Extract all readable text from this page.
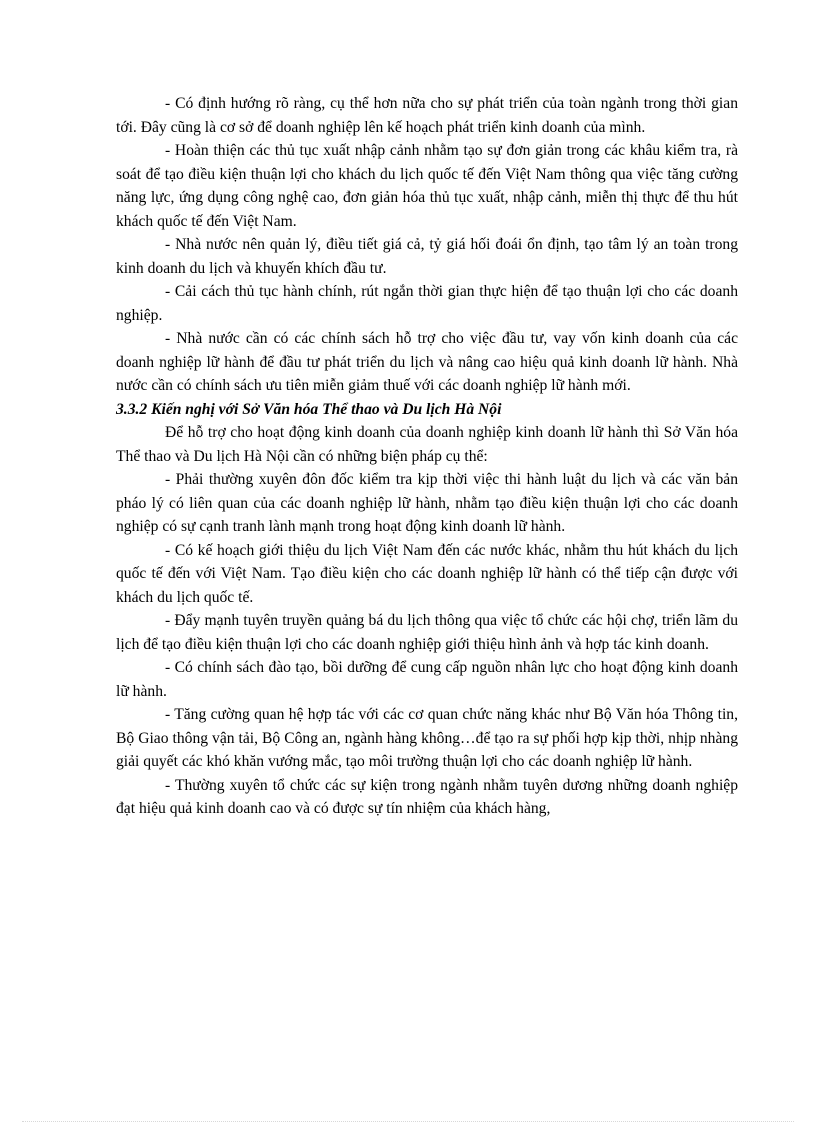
- Có định hướng rõ ràng, cụ thể hơn nữa cho sự phát triển của toàn ngành trong thời gian tới. Đây cũng là cơ sở để doanh nghiệp lên kế hoạch phát triển kinh doanh của mình.

- Hoàn thiện các thủ tục xuất nhập cảnh nhằm tạo sự đơn giản trong các khâu kiểm tra, rà soát để tạo điều kiện thuận lợi cho khách du lịch quốc tế đến Việt Nam thông qua việc tăng cường năng lực, ứng dụng công nghệ cao, đơn giản hóa thủ tục xuất, nhập cảnh, miễn thị thực để thu hút khách quốc tế đến Việt Nam.

- Nhà nước nên quản lý, điều tiết giá cả, tỷ giá hối đoái ổn định, tạo tâm lý an toàn trong kinh doanh du lịch và khuyến khích đầu tư.

- Cải cách thủ tục hành chính, rút ngắn thời gian thực hiện để tạo thuận lợi cho các doanh nghiệp.

- Nhà nước cần có các chính sách hỗ trợ cho việc đầu tư, vay vốn kinh doanh của các doanh nghiệp lữ hành để đầu tư phát triển du lịch và nâng cao hiệu quả kinh doanh lữ hành. Nhà nước cần có chính sách ưu tiên miễn giảm thuế với các doanh nghiệp lữ hành mới.

3.3.2 Kiến nghị với Sở Văn hóa Thể thao và Du lịch Hà Nội

Để hỗ trợ cho hoạt động kinh doanh của doanh nghiệp kinh doanh lữ hành thì Sở Văn hóa Thể thao và Du lịch Hà Nội cần có những biện pháp cụ thể:

- Phải thường xuyên đôn đốc kiểm tra kịp thời việc thi hành luật du lịch và các văn bản pháo lý có liên quan của các doanh nghiệp lữ hành, nhằm tạo điều kiện thuận lợi cho các doanh nghiệp có sự cạnh tranh lành mạnh trong hoạt động kinh doanh lữ hành.

- Có kế hoạch giới thiệu du lịch Việt Nam đến các nước khác, nhằm thu hút khách du lịch quốc tế đến với Việt Nam. Tạo điều kiện cho các doanh nghiệp lữ hành có thể tiếp cận được với khách du lịch quốc tế.

- Đẩy mạnh tuyên truyền quảng bá du lịch thông qua việc tổ chức các hội chợ, triển lãm du lịch để tạo điều kiện thuận lợi cho các doanh nghiệp giới thiệu hình ảnh và hợp tác kinh doanh.

- Có chính sách đào tạo, bồi dưỡng để cung cấp nguồn nhân lực cho hoạt động kinh doanh lữ hành.

- Tăng cường quan hệ hợp tác với các cơ quan chức năng khác như Bộ Văn hóa Thông tin, Bộ Giao thông vận tải, Bộ Công an, ngành hàng không…để tạo ra sự phối hợp kịp thời, nhịp nhàng giải quyết các khó khăn vướng mắc, tạo môi trường thuận lợi cho các doanh nghiệp lữ hành.

- Thường xuyên tổ chức các sự kiện trong ngành nhằm tuyên dương những doanh nghiệp đạt hiệu quả kinh doanh cao và có được sự tín nhiệm của khách hàng,
